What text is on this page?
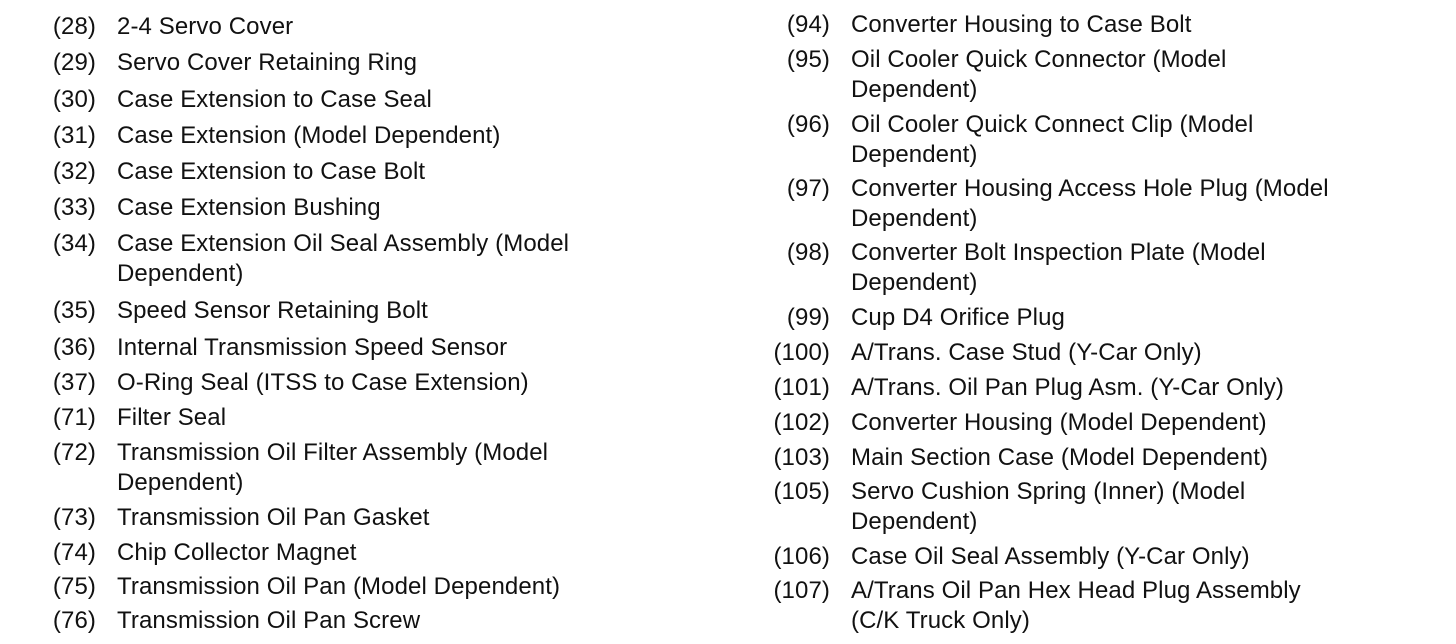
(28) 2-4 Servo Cover
(29) Servo Cover Retaining Ring
(30) Case Extension to Case Seal
(31) Case Extension (Model Dependent)
(32) Case Extension to Case Bolt
(33) Case Extension Bushing
(34) Case Extension Oil Seal Assembly (Model
Dependent)
(35) Speed Sensor Retaining Bolt
(36) Internal Transmission Speed Sensor
(37) O-Ring Seal (ITSS to Case Extension)
(71) Filter Seal
(72) Transmission Oil Filter Assembly (Model
Dependent)
(73) Transmission Oil Pan Gasket
(74) Chip Collector Magnet
(75) Transmission Oil Pan (Model Dependent)
(76) Transmission Oil Pan Screw
(94) Converter Housing to Case Bolt
(95) Oil Cooler Quick Connector (Model
Dependent)
(96) Oil Cooler Quick Connect Clip (Model
Dependent)
(97) Converter Housing Access Hole Plug (Model
Dependent)
(98) Converter Bolt Inspection Plate (Model
Dependent)
(99) Cup D4 Orifice Plug
(100) A/Trans. Case Stud (Y-Car Only)
(101) A/Trans. Oil Pan Plug Asm. (Y-Car Only)
(102) Converter Housing (Model Dependent)
(103) Main Section Case (Model Dependent)
(105) Servo Cushion Spring (Inner) (Model
Dependent)
(106) Case Oil Seal Assembly (Y-Car Only)
(107) A/Trans Oil Pan Hex Head Plug Assembly
(C/K Truck Only)
